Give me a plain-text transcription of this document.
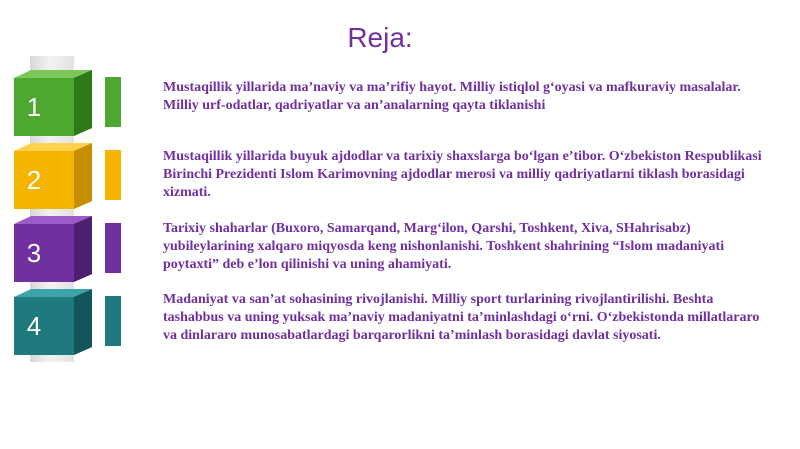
Reja:
1
Mustaqillik yillarida ma’naviy va ma’rifiy hayot. Milliy istiqlol g‘oyasi va mafkuraviy masalalar. Milliy urf-odatlar, qadriyatlar va an’analarning qayta tiklanishi
2
Mustaqillik yillarida buyuk ajdodlar va tarixiy shaxslarga bo‘lgan e’tibor. O‘zbekiston Respublikasi Birinchi Prezidenti Islom Karimovning ajdodlar merosi va milliy qadriyatlarni tiklash borasidagi xizmati.
3
Tarixiy shaharlar (Buxoro, Samarqand, Marg‘ilon, Qarshi, Toshkent, Xiva, SHahrisabz) yubileylarining xalqaro miqyosda keng nishonlanishi. Toshkent shahrining “Islom madaniyati poytaxti” deb e’lon qilinishi va uning ahamiyati.
4
Madaniyat va san’at sohasining rivojlanishi. Milliy sport turlarining rivojlantirilishi. Beshta tashabbus va uning yuksak ma’naviy madaniyatni ta’minlashdagi o‘rni. O‘zbekistonda millatlararo va dinlararo munosabatlardagi barqarorlikni ta’minlash borasidagi davlat siyosati.
